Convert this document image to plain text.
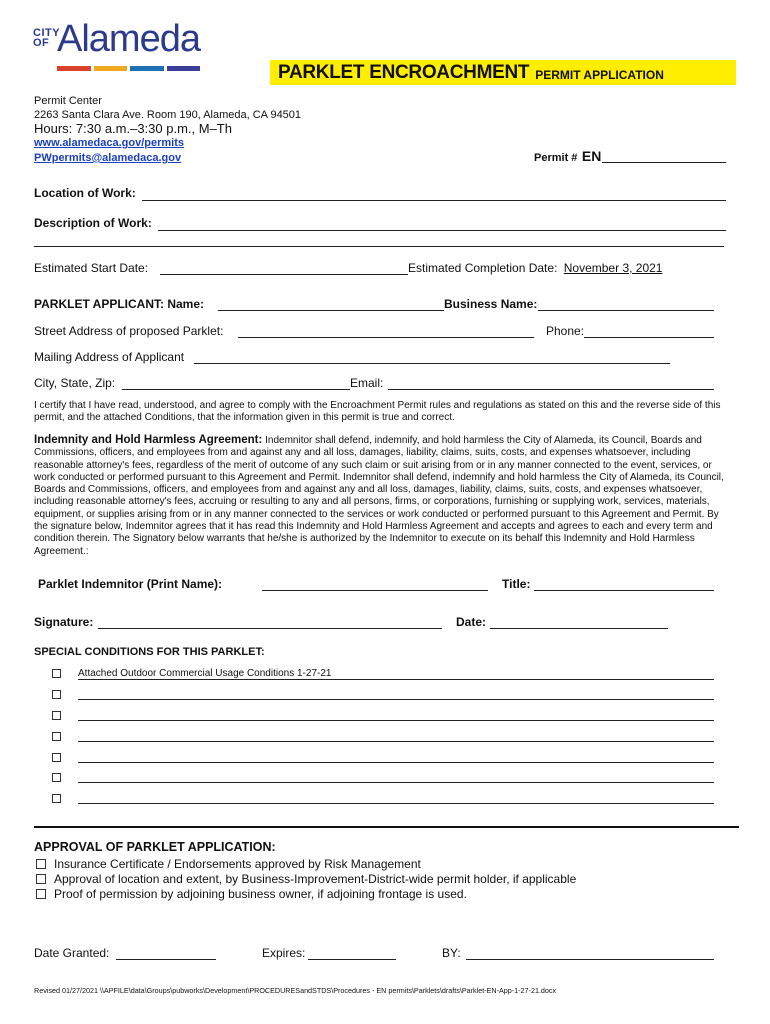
CITY OF Alameda
PARKLET ENCROACHMENT PERMIT APPLICATION
Permit Center
2263 Santa Clara Ave. Room 190, Alameda, CA 94501
Hours: 7:30 a.m.–3:30 p.m., M–Th
www.alamedaca.gov/permits
PWpermits@alamedaca.gov	Permit # EN
Location of Work:
Description of Work:
Estimated Start Date:	Estimated Completion Date: November 3, 2021
PARKLET APPLICANT: Name:	Business Name:
Street Address of proposed Parklet:	Phone:
Mailing Address of Applicant
City, State, Zip:	Email:
I certify that I have read, understood, and agree to comply with the Encroachment Permit rules and regulations as stated on this and the reverse side of this permit, and the attached Conditions, that the information given in this permit is true and correct.
Indemnity and Hold Harmless Agreement: Indemnitor shall defend, indemnify, and hold harmless the City of Alameda, its Council, Boards and Commissions, officers, and employees from and against any and all loss, damages, liability, claims, suits, costs, and expenses whatsoever, including reasonable attorney's fees, regardless of the merit of outcome of any such claim or suit arising from or in any manner connected to the event, services, or work conducted or performed pursuant to this Agreement and Permit. Indemnitor shall defend, indemnify and hold harmless the City of Alameda, its Council, Boards and Commissions, officers, and employees from and against any and all loss, damages, liability, claims, suits, costs, and expenses whatsoever, including reasonable attorney's fees, accruing or resulting to any and all persons, firms, or corporations, furnishing or supplying work, services, materials, equipment, or supplies arising from or in any manner connected to the services or work conducted or performed pursuant to this Agreement and Permit. By the signature below, Indemnitor agrees that it has read this Indemnity and Hold Harmless Agreement and accepts and agrees to each and every term and condition therein. The Signatory below warrants that he/she is authorized by the Indemnitor to execute on its behalf this Indemnity and Hold Harmless Agreement.:
Parklet Indemnitor (Print Name):	Title:
Signature:	Date:
SPECIAL CONDITIONS FOR THIS PARKLET:
Attached Outdoor Commercial Usage Conditions 1-27-21
APPROVAL OF PARKLET APPLICATION:
Insurance Certificate / Endorsements approved by Risk Management
Approval of location and extent, by Business-Improvement-District-wide permit holder, if applicable
Proof of permission by adjoining business owner, if adjoining frontage is used.
Date Granted:	Expires:	BY:
Revised 01/27/2021 \\APFILE\data\Groups\pubworks\Development\PROCEDURESandSTDS\Procedures - EN permits\Parklets\drafts\Parklet-EN-App-1-27-21.docx
